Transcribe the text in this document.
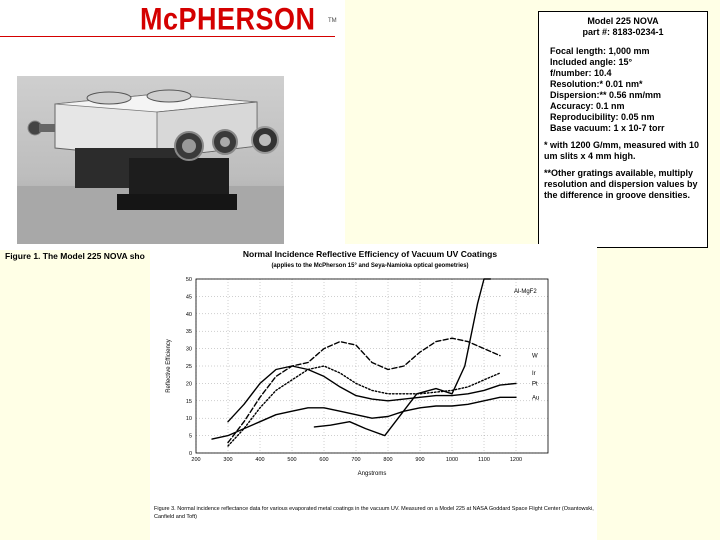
McPHERSON TM
Figure 1. The Model 225 NOVA sho
Model 225 NOVA
part #: 8183-0234-1
Focal length: 1,000 mm
Included angle: 15°
f/number: 10.4
Resolution:* 0.01 nm*
Dispersion:** 0.56 nm/mm
Accuracy: 0.1 nm
Reproducibility: 0.05 nm
Base vacuum: 1 x 10-7 torr
* with 1200 G/mm, measured with 10 um slits x 4 mm high.
**Other gratings available, multiply resolution and dispersion values by the difference in groove densities.
Normal Incidence Reflective Efficiency of Vacuum UV Coatings
(applies to the McPherson 15° and Seya-Namioka optical geometries)
0
5
10
15
20
25
30
35
40
45
50
200	300	400	500	600	700	800	900	1000	1100	1200
Angstroms
Reflective Efficiency
Al-MgF2
W
Ir
Pt
Au
Figure 3. Normal incidence reflectance data for various evaporated metal coatings in the vacuum UV. Measured on a Model 225 at NASA Goddard Space Flight Center (Osantowski, Canfield and Toft)
